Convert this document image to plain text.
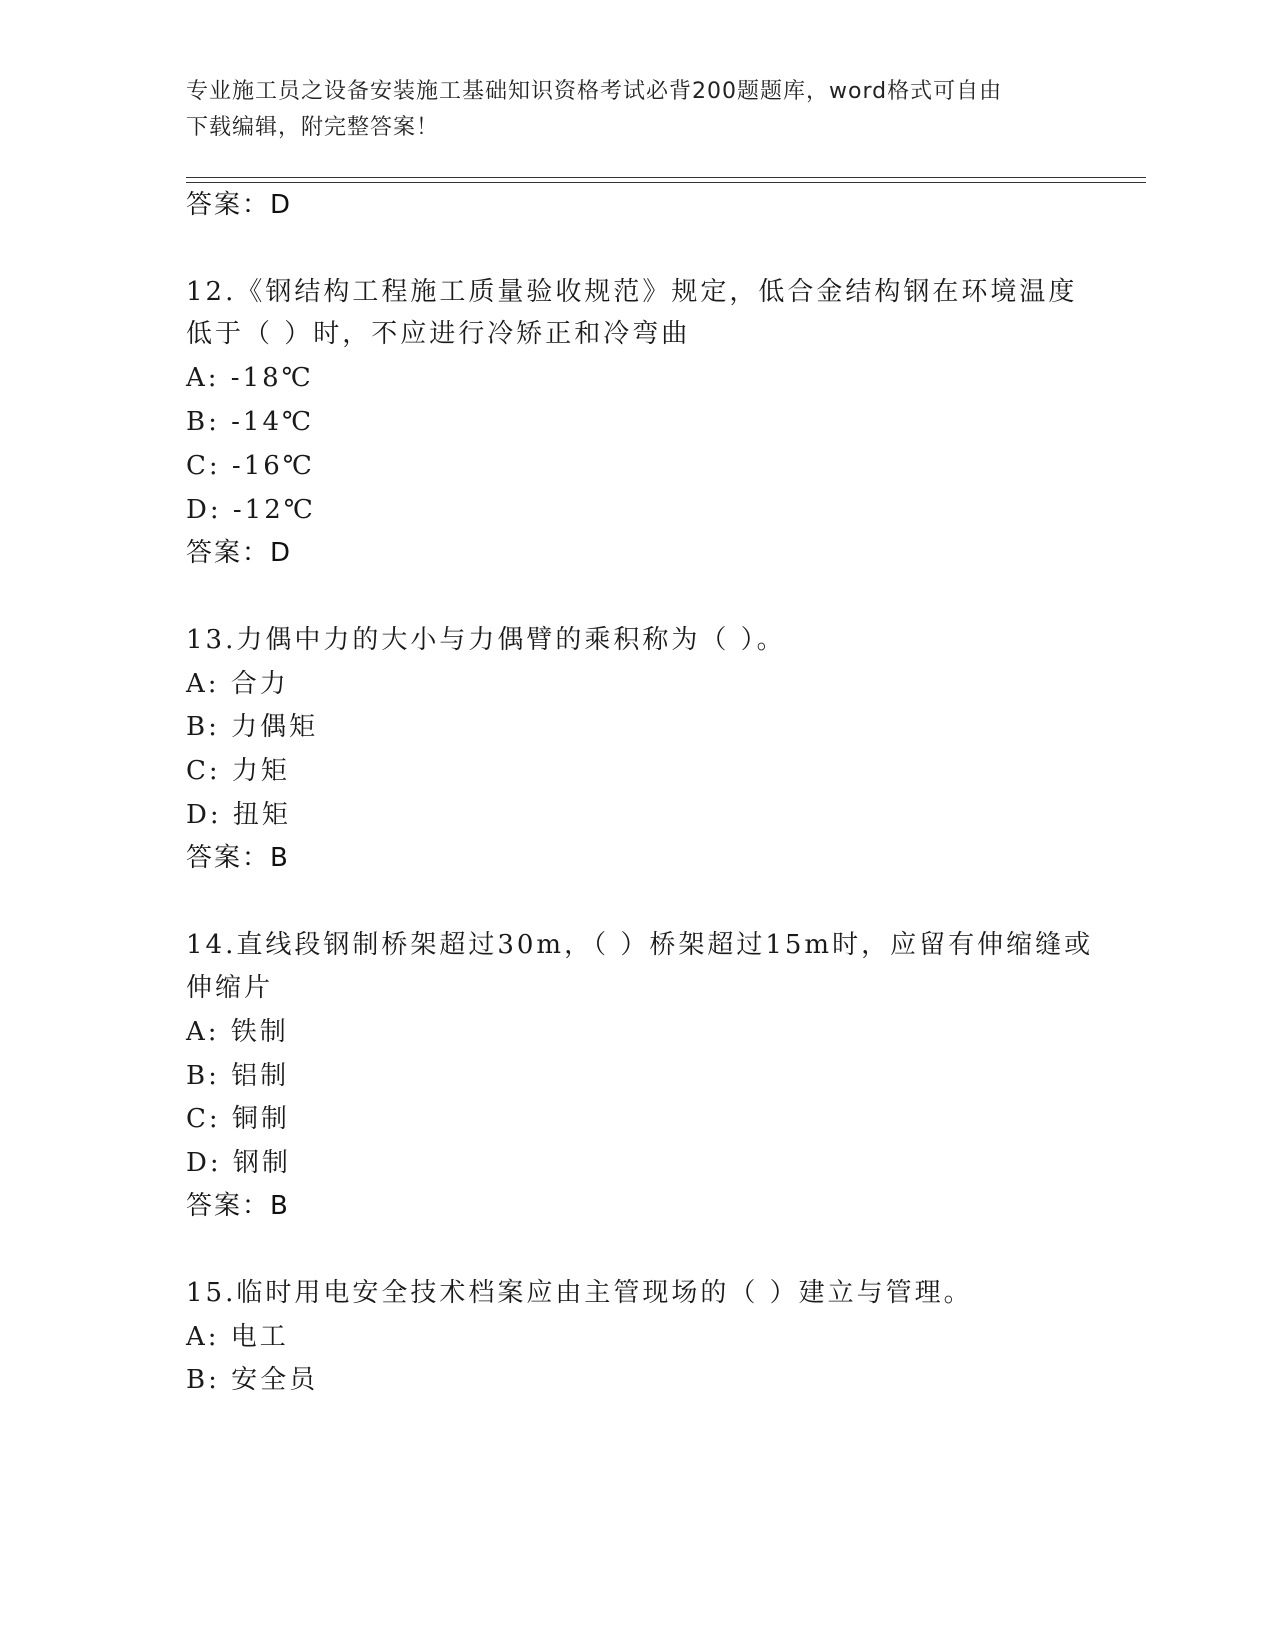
专业施工员之设备安装施工基础知识资格考试必背200题题库，word格式可自由
下载编辑，附完整答案！
答案：D
12.《钢结构工程施工质量验收规范》规定，低合金结构钢在环境温度
低于（ ）时，不应进行冷矫正和冷弯曲
A: -18℃
B: -14℃
C: -16℃
D: -12℃
答案：D
13.力偶中力的大小与力偶臂的乘积称为（ ）。
A: 合力
B: 力偶矩
C: 力矩
D: 扭矩
答案：B
14.直线段钢制桥架超过30m，（ ）桥架超过15m时，应留有伸缩缝或
伸缩片
A: 铁制
B: 铝制
C: 铜制
D: 钢制
答案：B
15.临时用电安全技术档案应由主管现场的（ ）建立与管理。
A: 电工
B: 安全员
